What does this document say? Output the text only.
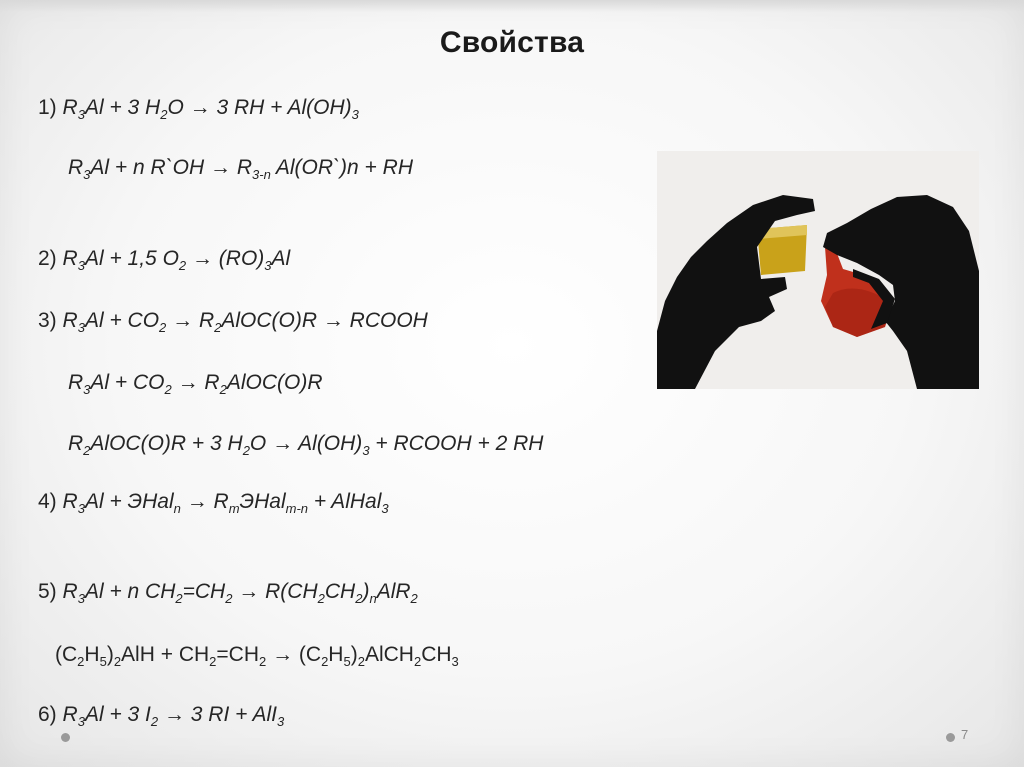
Свойства
1) $R_3Al + 3$ $H_2O \to 3$ RH + $Al(OH)_3$
$R_3Al + n$ R`OH → $R_{3-n}$ Al(OR`)n + RH
2) $R_3Al + 1,5$ $O_2 \to (RO)_3Al$
3) $R_3Al + CO_2$ → $R_2AlOC(O)R$ → RCOOH
$R_3Al + CO_2$ → $R_2AlOC(O)R$
$R_2AlOC(O)R + 3$ $H_2O \to Al(OH)_3$ + RCOOH + 2 RH
4) $R_3Al$ + ЭHal$_n$ → $R_mЭHal_{m-n}$ + AlHal$_3$
5) $R_3Al + n$ $CH_2=CH_2 \to R(CH_2CH_2)_nAlR_2$
$(C_2H_5)_2AlH + CH_2=CH_2$ → $(C_2H_5)_2AlCH_2CH_3$
6) $R_3Al + 3$ $I_2 \to 3$ RI + AlI$_3$
7
